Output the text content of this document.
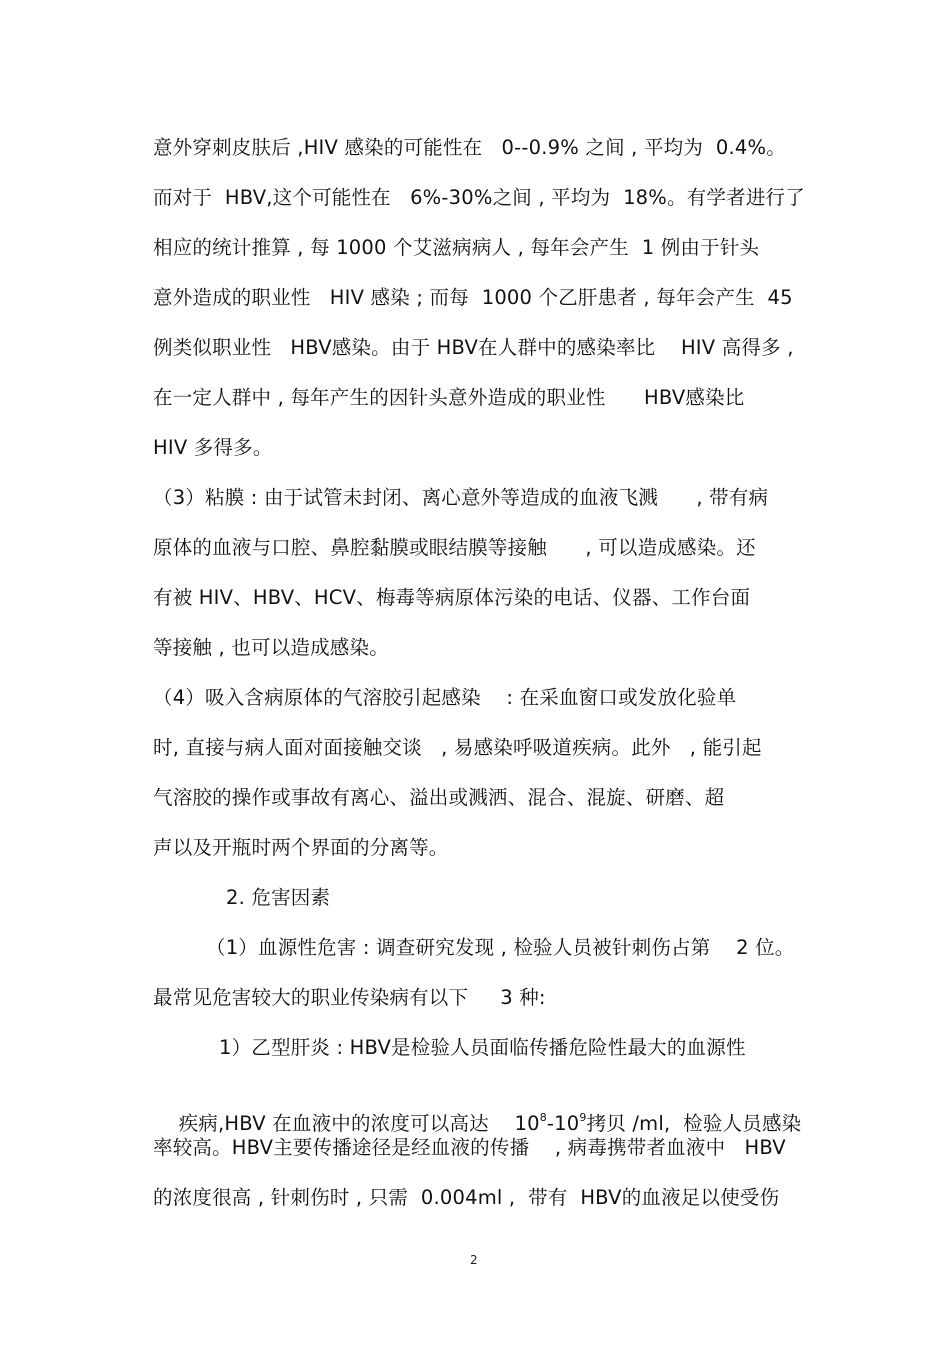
意外穿刺皮肤后 ,HIV 感染的可能性在   0--0.9% 之间 , 平均为  0.4%。
而对于  HBV,这个可能性在   6%-30%之间 , 平均为  18%。有学者进行了
相应的统计推算 , 每 1000 个艾滋病病人 , 每年会产生  1 例由于针头
意外造成的职业性   HIV 感染 ; 而每  1000 个乙肝患者 , 每年会产生  45
例类似职业性   HBV感染。由于 HBV在人群中的感染率比    HIV 高得多 ,
在一定人群中 , 每年产生的因针头意外造成的职业性      HBV感染比
HIV 多得多。
（3）粘膜 : 由于试管未封闭、离心意外等造成的血液飞溅      , 带有病
原体的血液与口腔、鼻腔黏膜或眼结膜等接触      , 可以造成感染。还
有被 HIV、HBV、HCV、梅毒等病原体污染的电话、仪器、工作台面
等接触 , 也可以造成感染。
（4）吸入含病原体的气溶胶引起感染    : 在采血窗口或发放化验单
时, 直接与病人面对面接触交谈   , 易感染呼吸道疾病。此外   , 能引起
气溶胶的操作或事故有离心、溢出或溅洒、混合、混旋、研磨、超
声以及开瓶时两个界面的分离等。
2. 危害因素
（1）血源性危害 : 调查研究发现 , 检验人员被针刺伤占第    2 位。
最常见危害较大的职业传染病有以下     3 种:
1）乙型肝炎 : HBV是检验人员面临传播危险性最大的血源性

疾病,HBV 在血液中的浓度可以高达    $10^8-10^9$拷贝 /ml,  检验人员感染

率较高。HBV主要传播途径是经血液的传播    , 病毒携带者血液中   HBV
的浓度很高 , 针刺伤时 , 只需  0.004ml ,  带有  HBV的血液足以使受伤
2
